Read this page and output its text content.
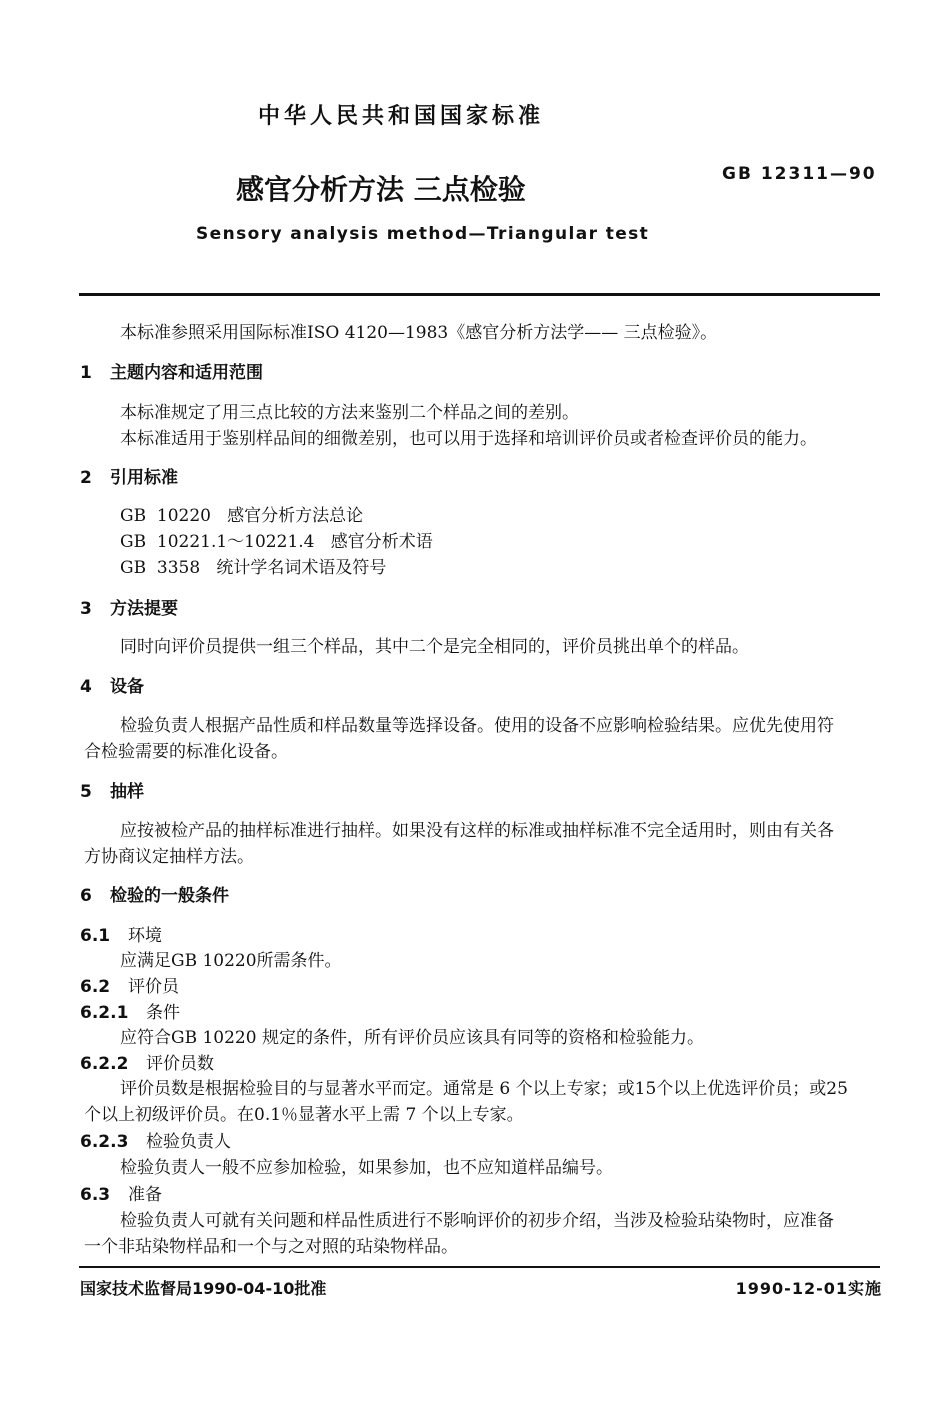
中华人民共和国国家标准
感官分析方法 三点检验	GB 12311—90
Sensory analysis method—Triangular test
本标准参照采用国际标准ISO 4120—1983《感官分析方法学—— 三点检验》。
1 主题内容和适用范围
本标准规定了用三点比较的方法来鉴别二个样品之间的差别。
本标准适用于鉴别样品间的细微差别，也可以用于选择和培训评价员或者检查评价员的能力。
2 引用标准
GB  10220   感官分析方法总论
GB  10221.1～10221.4   感官分析术语
GB  3358   统计学名词术语及符号
3 方法提要
同时向评价员提供一组三个样品，其中二个是完全相同的，评价员挑出单个的样品。
4 设备
检验负责人根据产品性质和样品数量等选择设备。使用的设备不应影响检验结果。应优先使用符
合检验需要的标准化设备。
5 抽样
应按被检产品的抽样标准进行抽样。如果没有这样的标准或抽样标准不完全适用时，则由有关各
方协商议定抽样方法。
6 检验的一般条件
6.1 环境
应满足GB 10220所需条件。
6.2 评价员
6.2.1 条件
应符合GB 10220 规定的条件，所有评价员应该具有同等的资格和检验能力。
6.2.2 评价员数
评价员数是根据检验目的与显著水平而定。通常是 6 个以上专家；或15个以上优选评价员；或25
个以上初级评价员。在0.1％显著水平上需 7 个以上专家。
6.2.3 检验负责人
检验负责人一般不应参加检验，如果参加，也不应知道样品编号。
6.3 准备
检验负责人可就有关问题和样品性质进行不影响评价的初步介绍，当涉及检验玷染物时，应准备
一个非玷染物样品和一个与之对照的玷染物样品。
国家技术监督局1990-04-10批准	1990-12-01实施
